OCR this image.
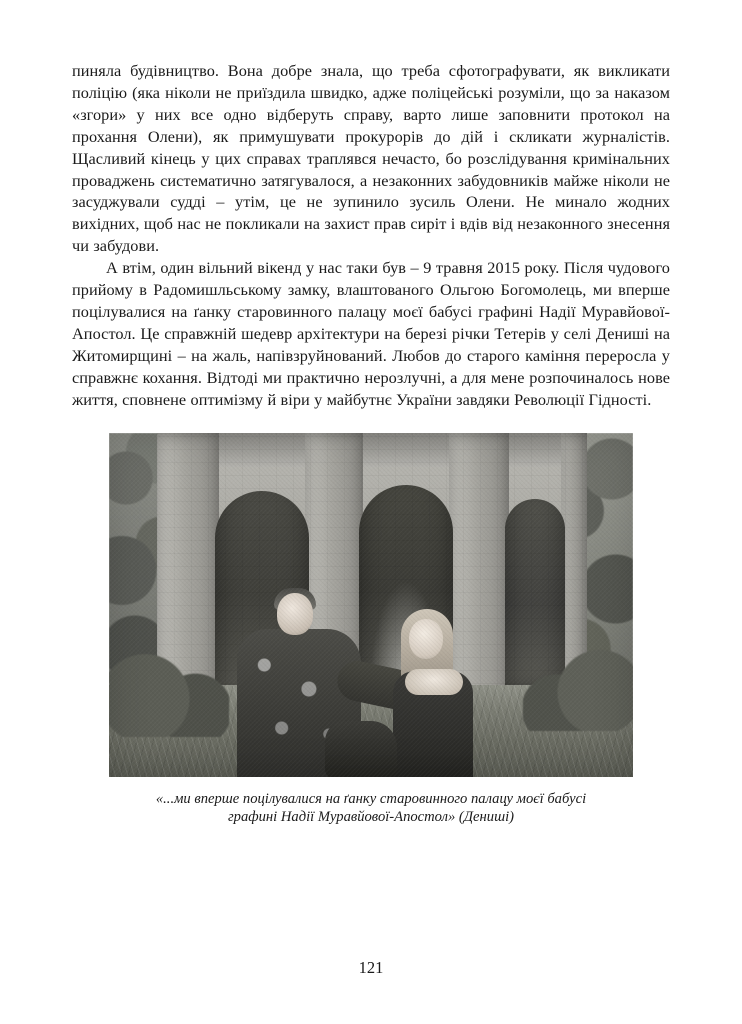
пиняла будівництво. Вона добре знала, що треба сфотографувати, як викликати поліцію (яка ніколи не приїздила швидко, адже поліцейські розуміли, що за наказом «згори» у них все одно відберуть справу, варто лише заповнити протокол на прохання Олени), як примушувати прокурорів до дій і скликати журналістів. Щасливий кінець у цих справах траплявся нечасто, бо розслідування кримінальних проваджень систематично затягувалося, а незаконних забудовників майже ніколи не засуджували судді – утім, це не зупинило зусиль Олени. Не минало жодних вихідних, щоб нас не покликали на захист прав сиріт і вдів від незаконного знесення чи забудови.

А втім, один вільний вікенд у нас таки був – 9 травня 2015 року. Після чудового прийому в Радомишльському замку, влаштованого Ольгою Богомолець, ми вперше поцілувалися на ґанку старовинного палацу моєї бабусі графині Надії Муравйової-Апостол. Це справжній шедевр архітектури на березі річки Тетерів у селі Дениші на Житомирщині – на жаль, напівзруйнований. Любов до старого каміння переросла у справжнє кохання. Відтоді ми практично нерозлучні, а для мене розпочиналось нове життя, сповнене оптимізму й віри у майбутнє України завдяки Революції Гідності.

«...ми вперше поцілувалися на ґанку старовинного палацу моєї бабусі
графині Надії Муравйової-Апостол» (Дениші)
121
